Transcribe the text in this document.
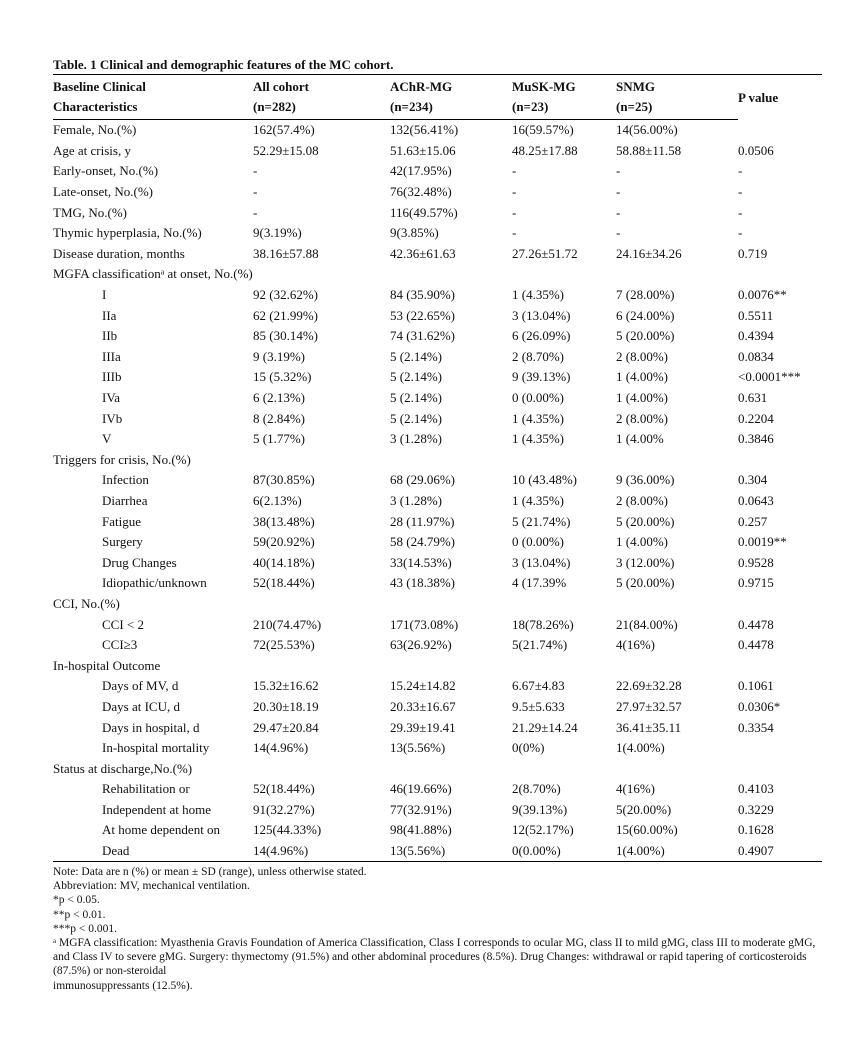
Table. 1 Clinical and demographic features of the MC cohort.
Baseline Clinical	All cohort	AChR-MG	MuSK-MG	SNMG	P value
Characteristics	(n=282)	(n=234)	(n=23)	(n=25)	
Female, No.(%)	162(57.4%)	132(56.41%)	16(59.57%)	14(56.00%)	
Age at crisis, y	52.29±15.08	51.63±15.06	48.25±17.88	58.88±11.58	0.0506
Early-onset, No.(%)	-	42(17.95%)	-	-	-
Late-onset, No.(%)	-	76(32.48%)	-	-	-
TMG, No.(%)	-	116(49.57%)	-	-	-
Thymic hyperplasia, No.(%)	9(3.19%)	9(3.85%)	-	-	-
Disease duration, months	38.16±57.88	42.36±61.63	27.26±51.72	24.16±34.26	0.719
MGFA classificationᵃ at onset, No.(%)					
I	92 (32.62%)	84 (35.90%)	1 (4.35%)	7 (28.00%)	0.0076**
IIa	62 (21.99%)	53 (22.65%)	3 (13.04%)	6 (24.00%)	0.5511
IIb	85 (30.14%)	74 (31.62%)	6 (26.09%)	5 (20.00%)	0.4394
IIIa	9 (3.19%)	5 (2.14%)	2 (8.70%)	2 (8.00%)	0.0834
IIIb	15 (5.32%)	5 (2.14%)	9 (39.13%)	1 (4.00%)	<0.0001***
IVa	6 (2.13%)	5 (2.14%)	0 (0.00%)	1 (4.00%)	0.631
IVb	8 (2.84%)	5 (2.14%)	1 (4.35%)	2 (8.00%)	0.2204
V	5 (1.77%)	3 (1.28%)	1 (4.35%)	1 (4.00%	0.3846
Triggers for crisis, No.(%)					
Infection	87(30.85%)	68 (29.06%)	10 (43.48%)	9 (36.00%)	0.304
Diarrhea	6(2.13%)	3 (1.28%)	1 (4.35%)	2 (8.00%)	0.0643
Fatigue	38(13.48%)	28 (11.97%)	5 (21.74%)	5 (20.00%)	0.257
Surgery	59(20.92%)	58 (24.79%)	0 (0.00%)	1 (4.00%)	0.0019**
Drug Changes	40(14.18%)	33(14.53%)	3 (13.04%)	3 (12.00%)	0.9528
Idiopathic/unknown	52(18.44%)	43 (18.38%)	4 (17.39%	5 (20.00%)	0.9715
CCI, No.(%)					
CCI < 2	210(74.47%)	171(73.08%)	18(78.26%)	21(84.00%)	0.4478
CCI≥3	72(25.53%)	63(26.92%)	5(21.74%)	4(16%)	0.4478
In-hospital Outcome					
Days of MV, d	15.32±16.62	15.24±14.82	6.67±4.83	22.69±32.28	0.1061
Days at ICU, d	20.30±18.19	20.33±16.67	9.5±5.633	27.97±32.57	0.0306*
Days in hospital, d	29.47±20.84	29.39±19.41	21.29±14.24	36.41±35.11	0.3354
In-hospital mortality	14(4.96%)	13(5.56%)	0(0%)	1(4.00%)	
Status at discharge,No.(%)					
Rehabilitation or	52(18.44%)	46(19.66%)	2(8.70%)	4(16%)	0.4103
Independent at home	91(32.27%)	77(32.91%)	9(39.13%)	5(20.00%)	0.3229
At home dependent on	125(44.33%)	98(41.88%)	12(52.17%)	15(60.00%)	0.1628
Dead	14(4.96%)	13(5.56%)	0(0.00%)	1(4.00%)	0.4907
Note: Data are n (%) or mean ± SD (range), unless otherwise stated.
Abbreviation: MV, mechanical ventilation.
*p < 0.05.
**p < 0.01.
***p < 0.001.
ᵃ MGFA classification: Myasthenia Gravis Foundation of America Classification, Class I corresponds to ocular MG, class II to mild gMG, class III to moderate gMG,
and Class IV to severe gMG. Surgery: thymectomy (91.5%) and other abdominal procedures (8.5%). Drug Changes: withdrawal or rapid tapering of corticosteroids
(87.5%) or non-steroidal
immunosuppressants (12.5%).
